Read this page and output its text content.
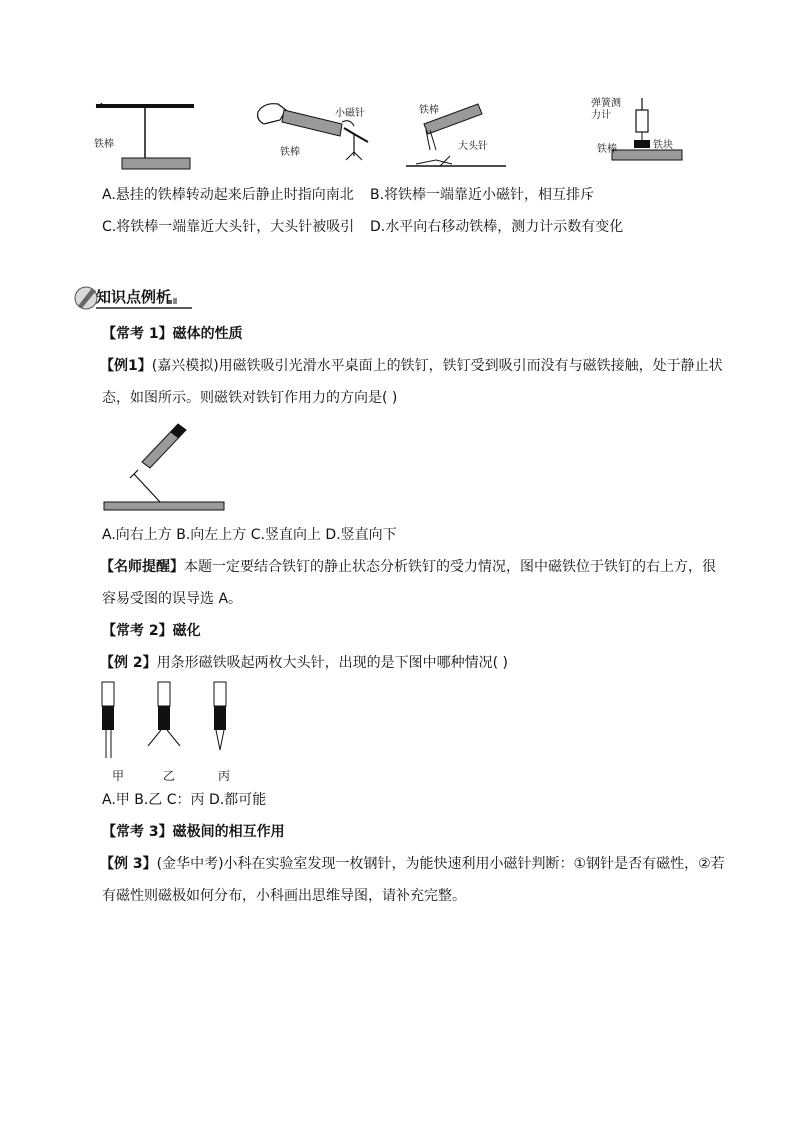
铁棒
铁棒
小磁针	铁棒
大头针
弹簧测
力计
铁棒	铁块
A.悬挂的铁棒转动起来后静止时指向南北 B.将铁棒一端靠近小磁针，相互排斥
C.将铁棒一端靠近大头针，大头针被吸引 D.水平向右移动铁棒，测力计示数有变化
知识点例析
【常考 1】磁体的性质
【例1】(嘉兴模拟)用磁铁吸引光滑水平桌面上的铁钉，铁钉受到吸引而没有与磁铁接触，处于静止状
态，如图所示。则磁铁对铁钉作用力的方向是( )
A.向右上方 B.向左上方 C.竖直向上 D.竖直向下
【名师提醒】本题一定要结合铁钉的静止状态分析铁钉的受力情况，图中磁铁位于铁钉的右上方，很
容易受图的误导选 A。
【常考 2】磁化
【例 2】用条形磁铁吸起两枚大头针，出现的是下图中哪种情况( )
甲	乙	丙
A.甲 B.乙 C：丙 D.都可能
【常考 3】磁极间的相互作用
【例 3】(金华中考)小科在实验室发现一枚钢针，为能快速利用小磁针判断：①钢针是否有磁性，②若
有磁性则磁极如何分布，小科画出思维导图，请补充完整。
